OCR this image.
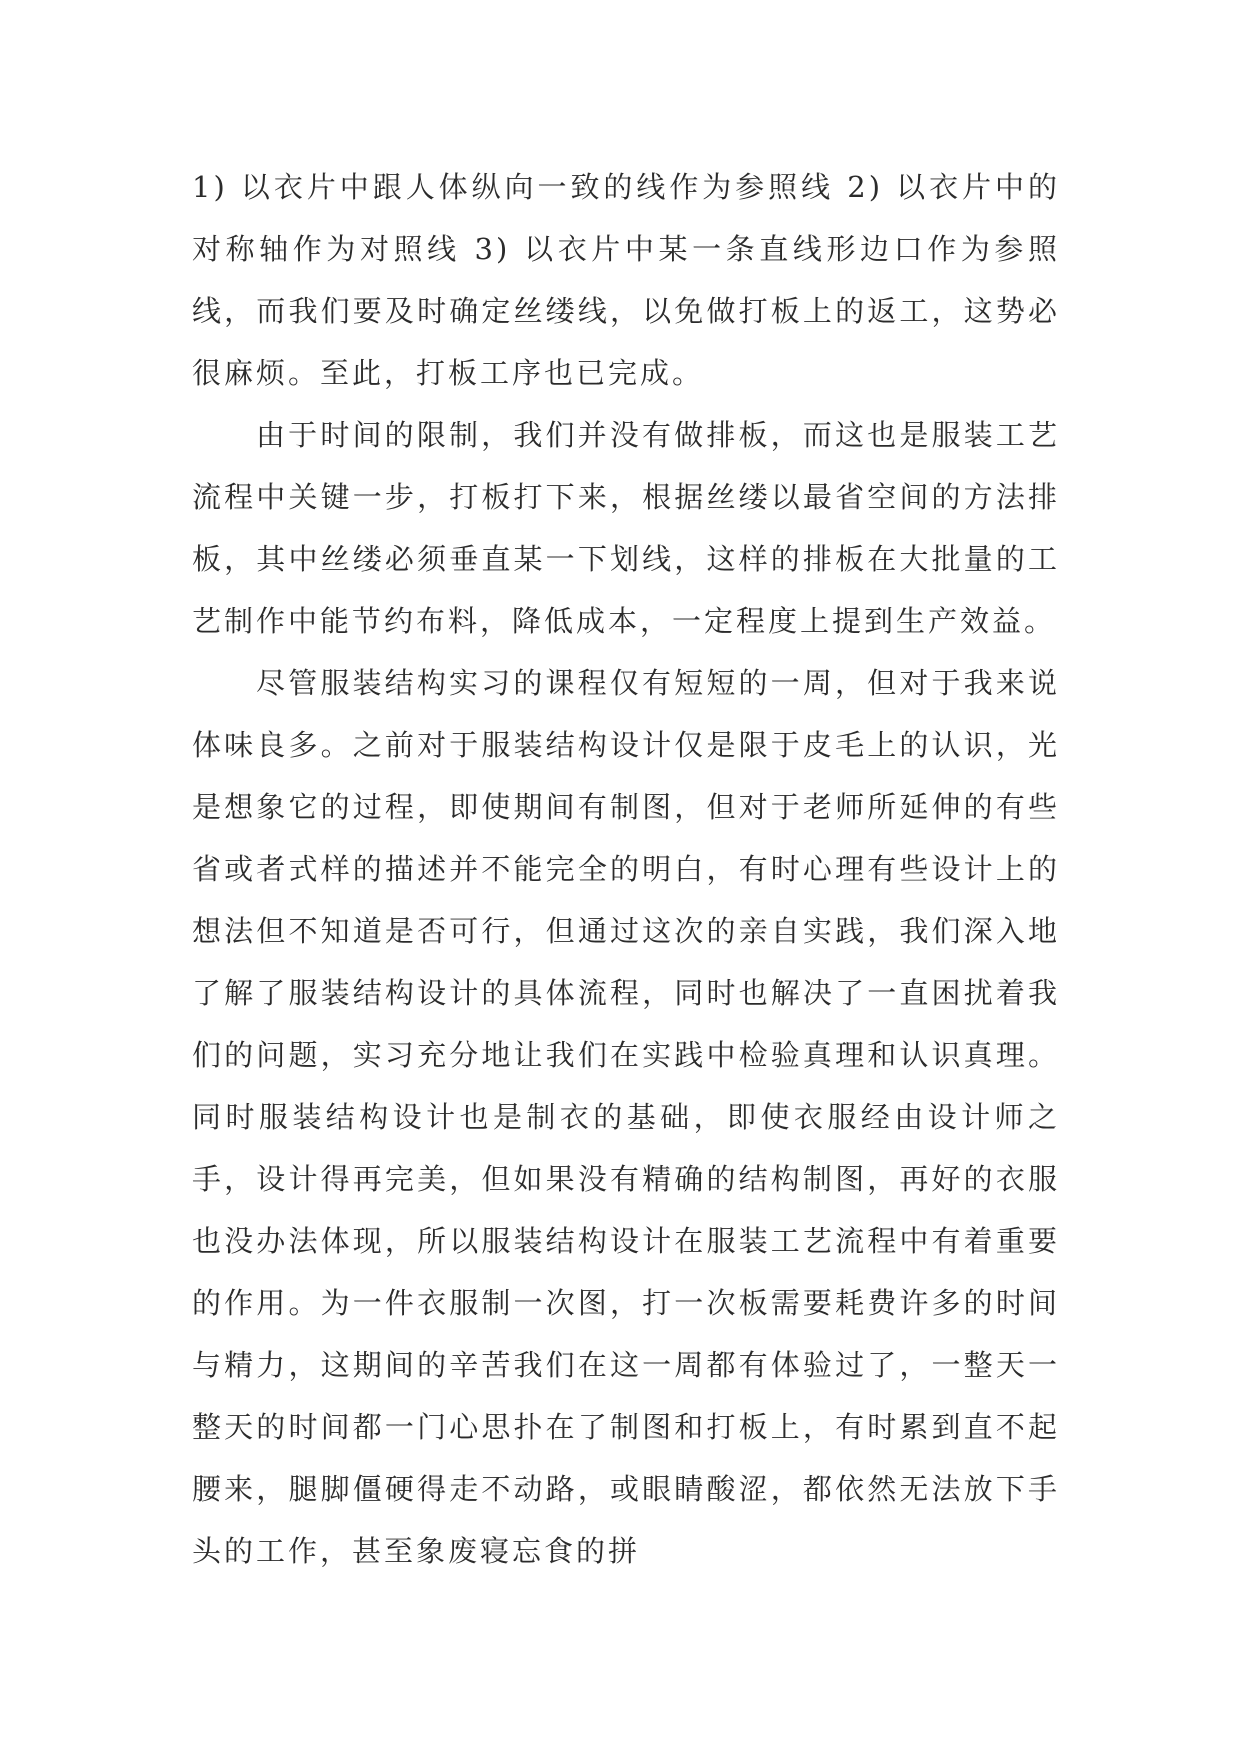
1) 以衣片中跟人体纵向一致的线作为参照线 2) 以衣片中的对称轴作为对照线 3) 以衣片中某一条直线形边口作为参照线，而我们要及时确定丝缕线，以免做打板上的返工，这势必很麻烦。至此，打板工序也已完成。

由于时间的限制，我们并没有做排板，而这也是服装工艺流程中关键一步，打板打下来，根据丝缕以最省空间的方法排板，其中丝缕必须垂直某一下划线，这样的排板在大批量的工艺制作中能节约布料，降低成本，一定程度上提到生产效益。

尽管服装结构实习的课程仅有短短的一周，但对于我来说体味良多。之前对于服装结构设计仅是限于皮毛上的认识，光是想象它的过程，即使期间有制图，但对于老师所延伸的有些省或者式样的描述并不能完全的明白，有时心理有些设计上的想法但不知道是否可行，但通过这次的亲自实践，我们深入地了解了服装结构设计的具体流程，同时也解决了一直困扰着我们的问题，实习充分地让我们在实践中检验真理和认识真理。同时服装结构设计也是制衣的基础，即使衣服经由设计师之手，设计得再完美，但如果没有精确的结构制图，再好的衣服也没办法体现，所以服装结构设计在服装工艺流程中有着重要的作用。为一件衣服制一次图，打一次板需要耗费许多的时间与精力，这期间的辛苦我们在这一周都有体验过了，一整天一整天的时间都一门心思扑在了制图和打板上，有时累到直不起腰来，腿脚僵硬得走不动路，或眼睛酸涩，都依然无法放下手头的工作，甚至象废寝忘食的拼
